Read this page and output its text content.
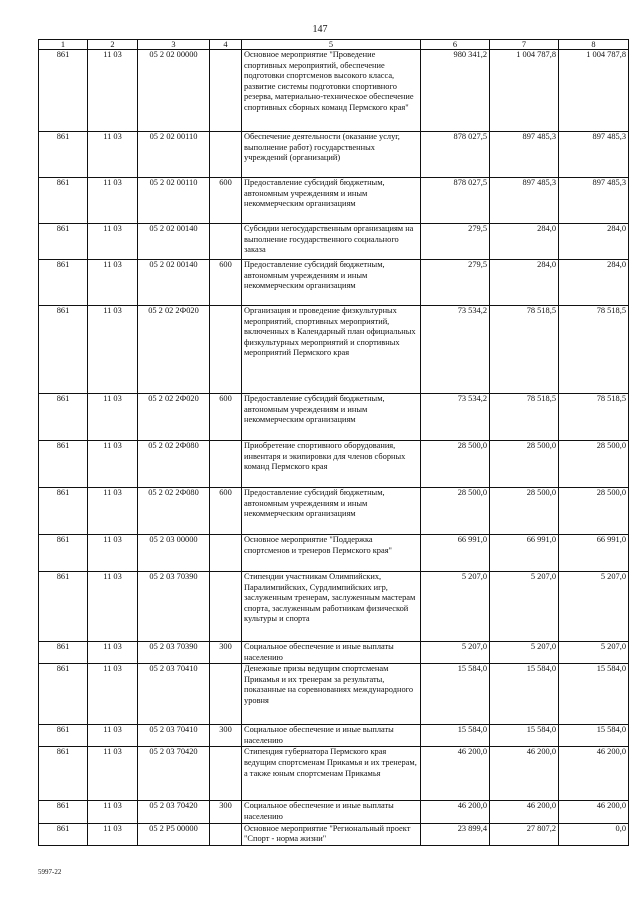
147
1	2	3	4	5	6	7	8
861	11 03	05 2 02 00000		Основное мероприятие "Проведение спортивных мероприятий, обеспечение подготовки спортсменов высокого класса, развитие системы подготовки спортивного резерва, материально-техническое обеспечение спортивных сборных команд Пермского края"	980 341,2	1 004 787,8	1 004 787,8
861	11 03	05 2 02 00110		Обеспечение деятельности (оказание услуг, выполнение работ) государственных учреждений (организаций)	878 027,5	897 485,3	897 485,3
861	11 03	05 2 02 00110	600	Предоставление субсидий бюджетным, автономным учреждениям и иным некоммерческим организациям	878 027,5	897 485,3	897 485,3
861	11 03	05 2 02 00140		Субсидии негосударственным организациям на выполнение государственного социального заказа	279,5	284,0	284,0
861	11 03	05 2 02 00140	600	Предоставление субсидий бюджетным, автономным учреждениям и иным некоммерческим организациям	279,5	284,0	284,0
861	11 03	05 2 02 2Ф020		Организация и проведение физкультурных мероприятий, спортивных мероприятий, включенных в Календарный план официальных физкультурных мероприятий и спортивных мероприятий Пермского края	73 534,2	78 518,5	78 518,5
861	11 03	05 2 02 2Ф020	600	Предоставление субсидий бюджетным, автономным учреждениям и иным некоммерческим организациям	73 534,2	78 518,5	78 518,5
861	11 03	05 2 02 2Ф080		Приобретение спортивного оборудования, инвентаря и экипировки для членов сборных команд Пермского края	28 500,0	28 500,0	28 500,0
861	11 03	05 2 02 2Ф080	600	Предоставление субсидий бюджетным, автономным учреждениям и иным некоммерческим организациям	28 500,0	28 500,0	28 500,0
861	11 03	05 2 03 00000		Основное мероприятие "Поддержка спортсменов и тренеров Пермского края"	66 991,0	66 991,0	66 991,0
861	11 03	05 2 03 70390		Стипендии участникам Олимпийских, Паралимпийских, Сурдлимпийских игр, заслуженным тренерам, заслуженным мастерам спорта, заслуженным работникам физической культуры и спорта	5 207,0	5 207,0	5 207,0
861	11 03	05 2 03 70390	300	Социальное обеспечение и иные выплаты населению	5 207,0	5 207,0	5 207,0
861	11 03	05 2 03 70410		Денежные призы ведущим спортсменам Прикамья и их тренерам за результаты, показанные на соревнованиях международного уровня	15 584,0	15 584,0	15 584,0
861	11 03	05 2 03 70410	300	Социальное обеспечение и иные выплаты населению	15 584,0	15 584,0	15 584,0
861	11 03	05 2 03 70420		Стипендия губернатора Пермского края ведущим спортсменам Прикамья и их тренерам, а также юным спортсменам Прикамья	46 200,0	46 200,0	46 200,0
861	11 03	05 2 03 70420	300	Социальное обеспечение и иные выплаты населению	46 200,0	46 200,0	46 200,0
861	11 03	05 2 Р5 00000		Основное мероприятие "Региональный проект "Спорт - норма жизни"	23 899,4	27 807,2	0,0
5997-22
